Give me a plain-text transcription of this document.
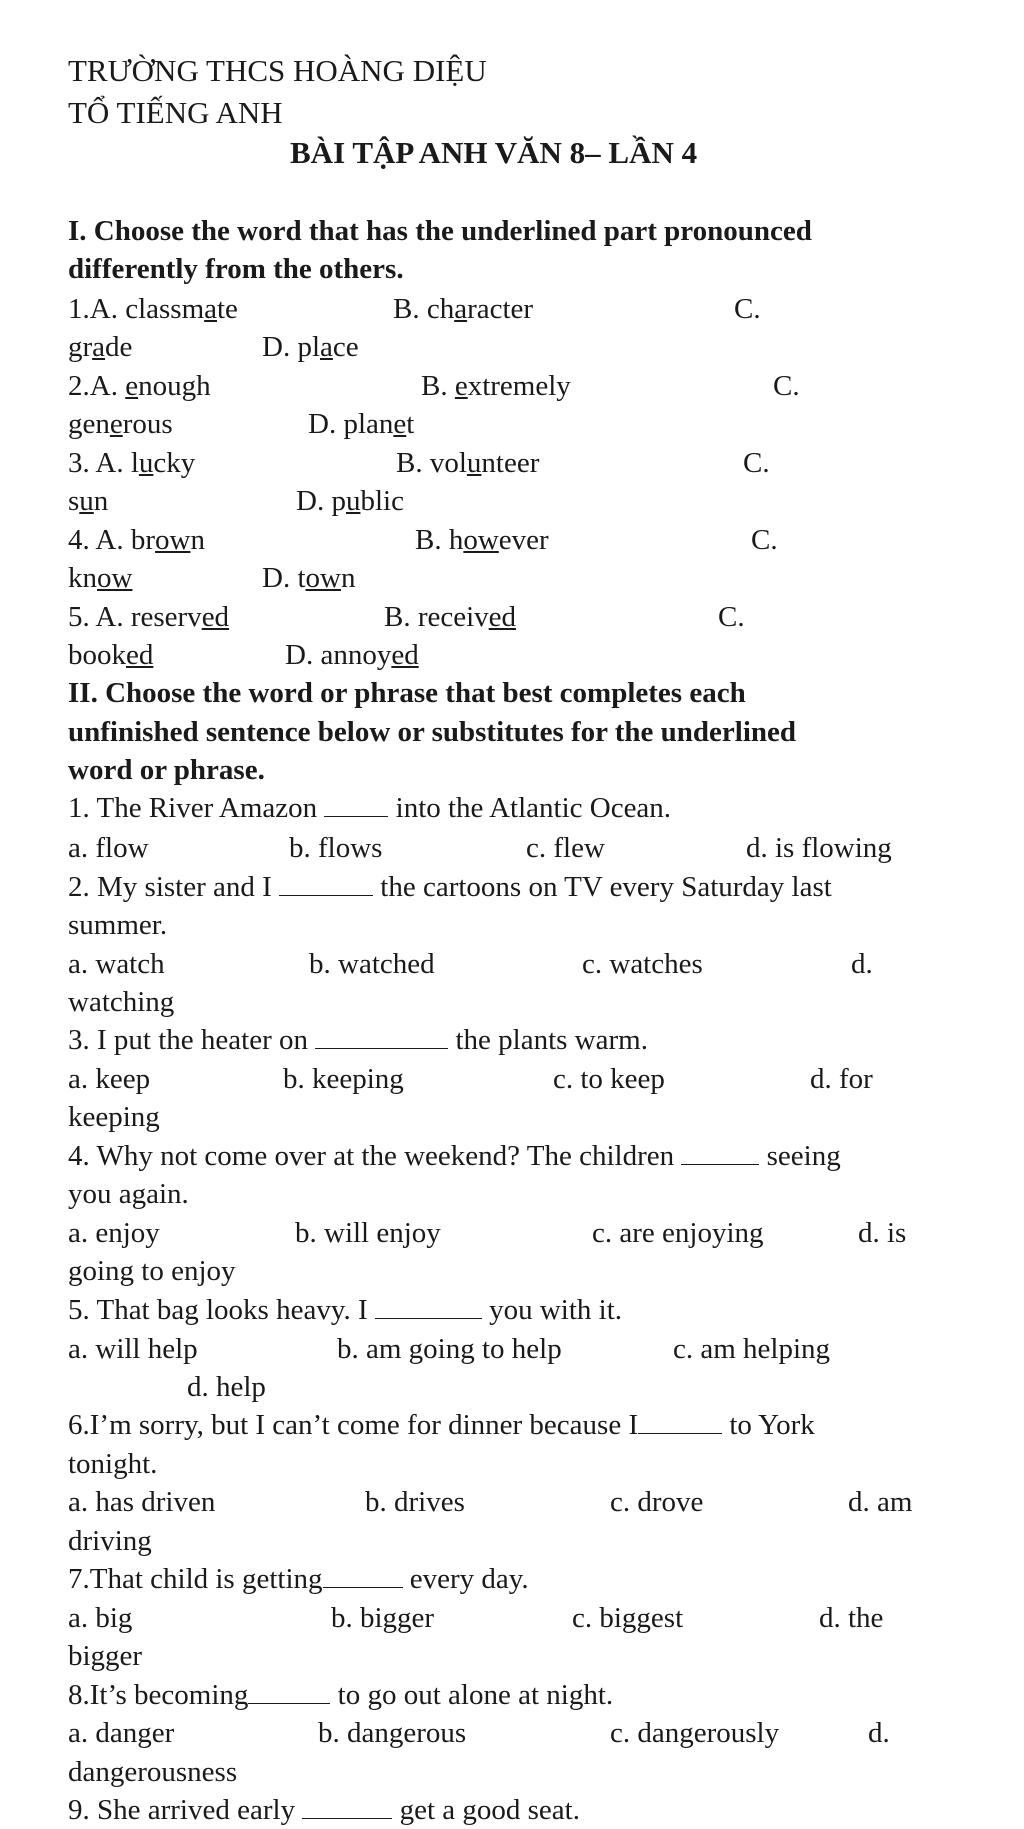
TRƯỜNG THCS HOÀNG DIỆU
TỔ TIẾNG ANH
BÀI TẬP ANH VĂN 8– LẦN 4
I. Choose the word that has the underlined part pronounced
differently from the others.
1.A. classmate	B. character	C.
grade	D. place
2.A. enough	B. extremely	C.
generous	D. planet
3. A. lucky	B. volunteer	C.
sun	D. public
4. A. brown	B. however	C.
know	D. town
5. A. reserved	B. received	C.
booked	D. annoyed
II. Choose the word or phrase that best completes each
unfinished sentence below or substitutes for the underlined
word or phrase.
1. The River Amazon  into the Atlantic Ocean.
a. flow	b. flows	c. flew	d. is flowing
2. My sister and I	the cartoons on TV every Saturday last
summer.
a. watch	b. watched	c. watches	d.
watching
3. I put the heater on	the plants warm.
a. keep	b. keeping	c. to keep	d. for
keeping
4. Why not come over at the weekend? The children	seeing
you again.
a. enjoy	b. will enjoy	c. are enjoying	d. is
going to enjoy
5. That bag looks heavy. I	you with it.
a. will help	b. am going to help	c. am helping
d. help
6.I’m sorry, but I can’t come for dinner because I	to York
tonight.
a. has driven	b. drives	c. drove	d. am
driving
7.That child is getting	every day.
a. big	b. bigger	c. biggest	d. the
bigger
8.It’s becoming	to go out alone at night.
a. danger	b. dangerous	c. dangerously	d.
dangerousness
9. She arrived early	get a good seat.
